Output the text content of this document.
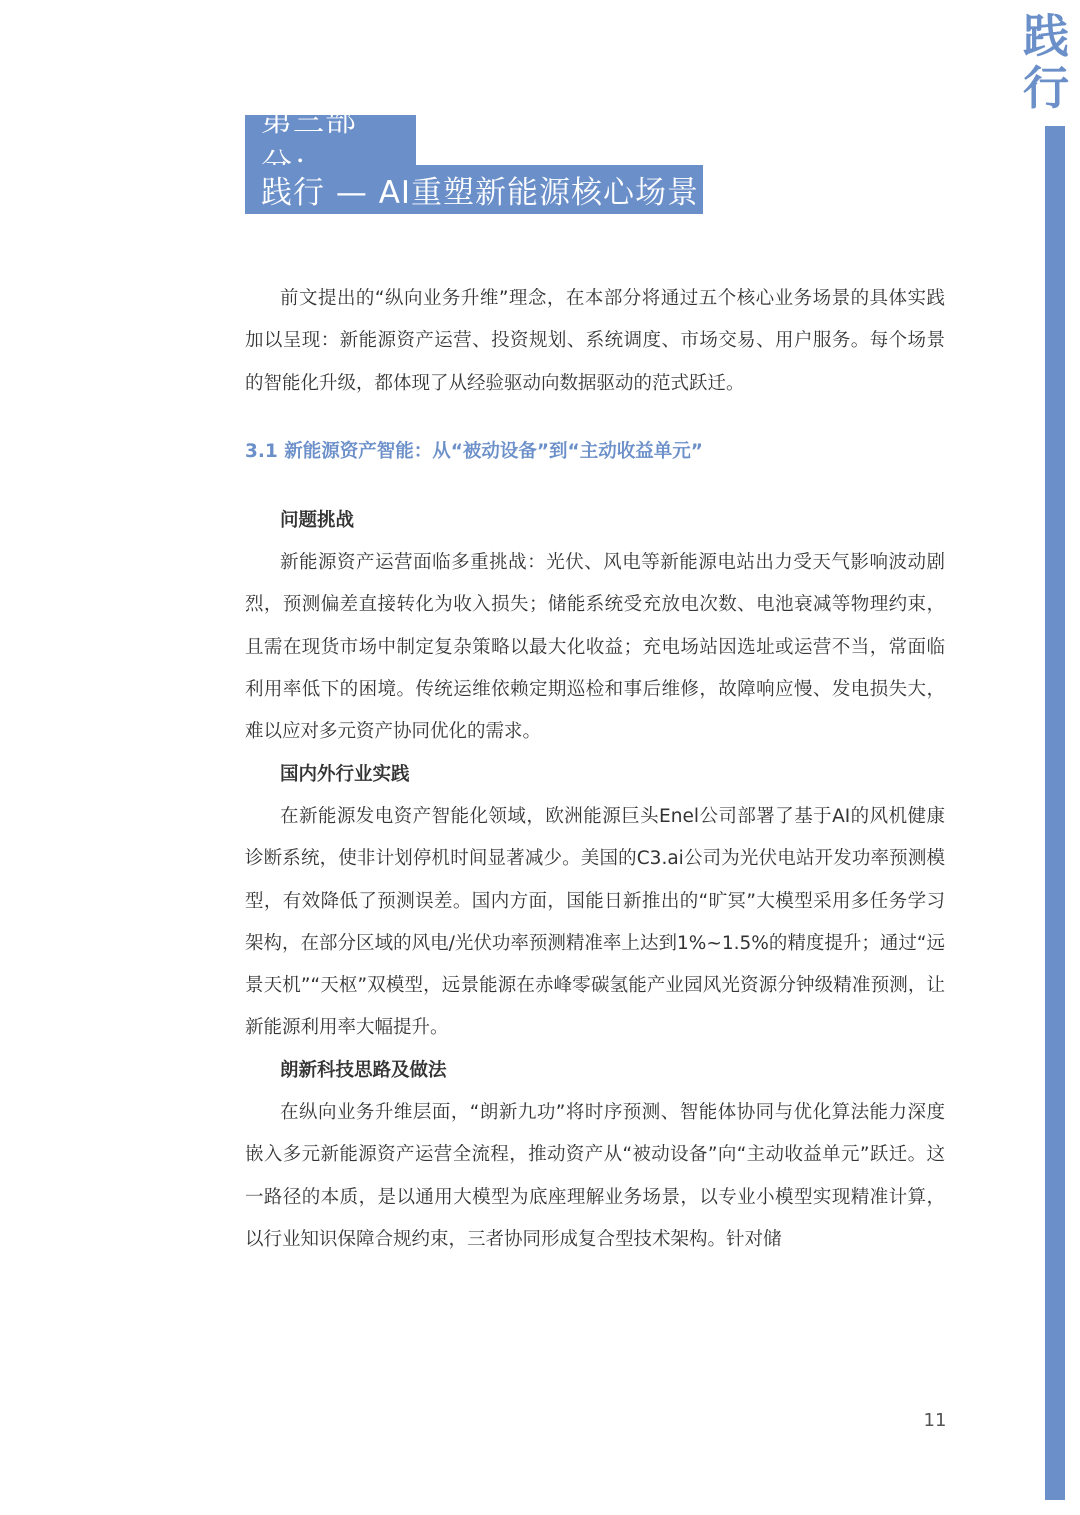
践
行
第三部
践行 — AI重塑新能源核心场景

前文提出的“纵向业务升维”理念，在本部分将通过五个核心业务场景的具体实践加以呈现：新能源资产运营、投资规划、系统调度、市场交易、用户服务。每个场景的智能化升级，都体现了从经验驱动向数据驱动的范式跃迁。

3.1 新能源资产智能：从“被动设备”到“主动收益单元”
问题挑战

新能源资产运营面临多重挑战：光伏、风电等新能源电站出力受天气影响波动剧烈，预测偏差直接转化为收入损失；储能系统受充放电次数、电池衰减等物理约束，且需在现货市场中制定复杂策略以最大化收益；充电场站因选址或运营不当，常面临利用率低下的困境。传统运维依赖定期巡检和事后维修，故障响应慢、发电损失大，难以应对多元资产协同优化的需求。

国内外行业实践

在新能源发电资产智能化领域，欧洲能源巨头Enel公司部署了基于AI的风机健康诊断系统，使非计划停机时间显著减少。美国的C3.ai公司为光伏电站开发功率预测模型，有效降低了预测误差。国内方面，国能日新推出的“旷冥”大模型采用多任务学习架构，在部分区域的风电/光伏功率预测精准率上达到1%~1.5%的精度提升；通过“远景天机”“天枢”双模型，远景能源在赤峰零碳氢能产业园风光资源分钟级精准预测，让新能源利用率大幅提升。

朗新科技思路及做法

在纵向业务升维层面，“朗新九功”将时序预测、智能体协同与优化算法能力深度嵌入多元新能源资产运营全流程，推动资产从“被动设备”向“主动收益单元”跃迁。这一路径的本质，是以通用大模型为底座理解业务场景，以专业小模型实现精准计算，以行业知识保障合规约束，三者协同形成复合型技术架构。针对储

11
